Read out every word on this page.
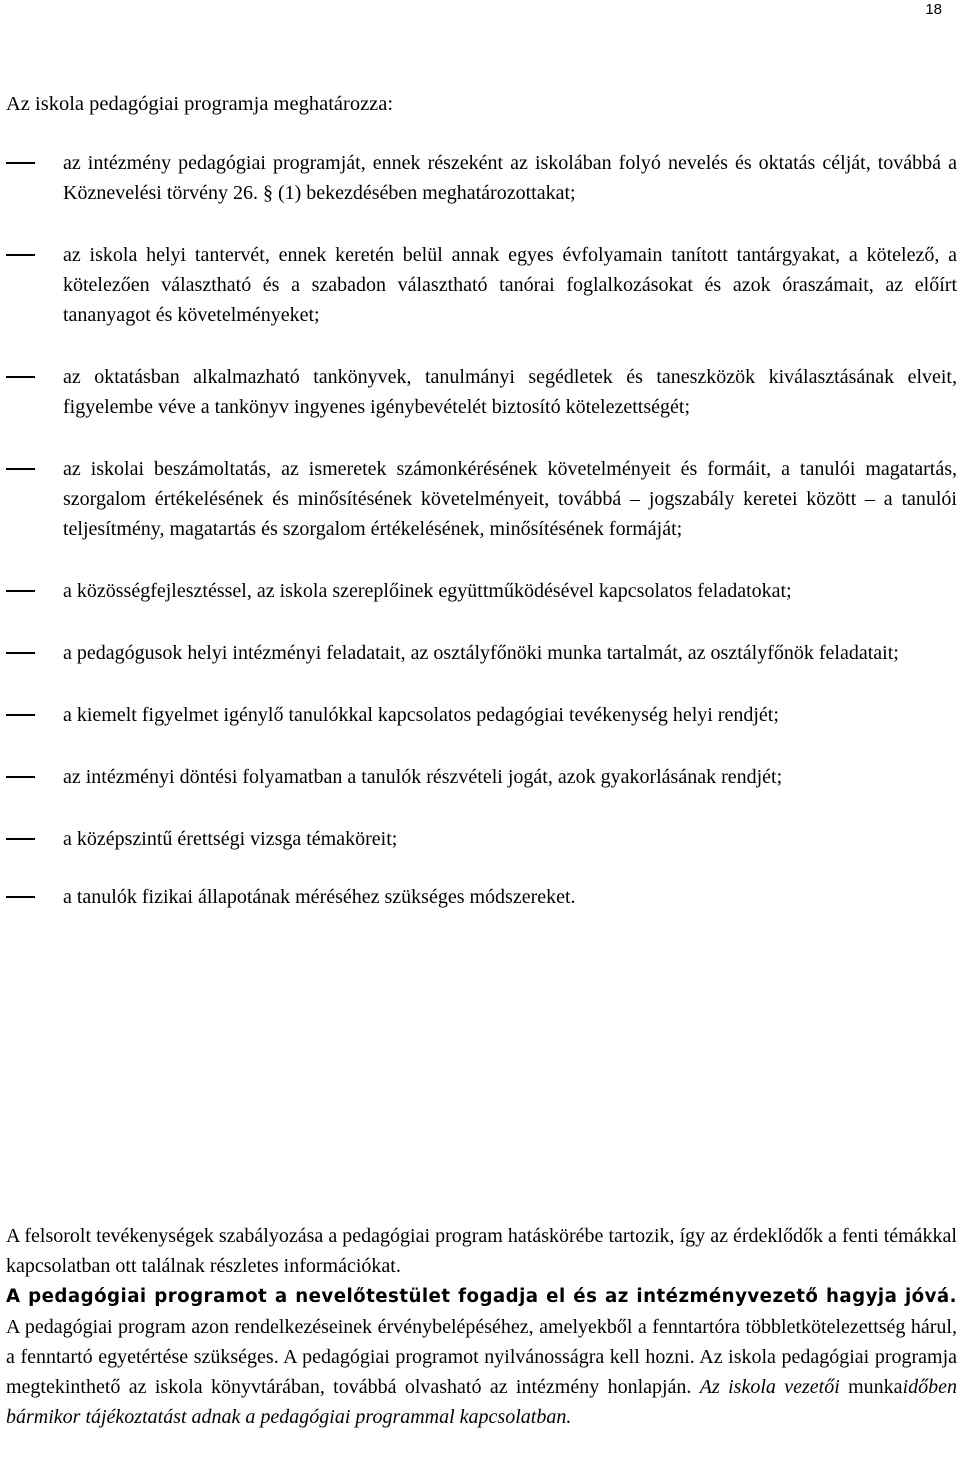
18
Az iskola pedagógiai programja meghatározza:
az intézmény pedagógiai programját, ennek részeként az iskolában folyó nevelés és oktatás célját, továbbá a Köznevelési törvény 26. § (1) bekezdésében meghatározottakat;
az iskola helyi tantervét, ennek keretén belül annak egyes évfolyamain tanított tantárgyakat, a kötelező, a kötelezően választható és a szabadon választható tanórai foglalkozásokat és azok óraszámait, az előírt tananyagot és követelményeket;
az oktatásban alkalmazható tankönyvek, tanulmányi segédletek és taneszközök kiválasztásának elveit, figyelembe véve a tankönyv ingyenes igénybevételét biztosító kötelezettségét;
az iskolai beszámoltatás, az ismeretek számonkérésének követelményeit és formáit, a tanulói magatartás, szorgalom értékelésének és minősítésének követelményeit, továbbá – jogszabály keretei között – a tanulói teljesítmény, magatartás és szorgalom értékelésének, minősítésének formáját;
a közösségfejlesztéssel, az iskola szereplőinek együttműködésével kapcsolatos feladatokat;
a pedagógusok helyi intézményi feladatait, az osztályfőnöki munka tartalmát, az osztályfőnök feladatait;
a kiemelt figyelmet igénylő tanulókkal kapcsolatos pedagógiai tevékenység helyi rendjét;
az intézményi döntési folyamatban a tanulók részvételi jogát, azok gyakorlásának rendjét;
a középszintű érettségi vizsga témaköreit;
a tanulók fizikai állapotának méréséhez szükséges módszereket.

A felsorolt tevékenységek szabályozása a pedagógiai program hatáskörébe tartozik, így az érdeklődők a fenti témákkal kapcsolatban ott találnak részletes információkat.
A pedagógiai programot a nevelőtestület fogadja el és az intézményvezető hagyja jóvá. A pedagógiai program azon rendelkezéseinek érvénybelépéséhez, amelyekből a fenntartóra többletkötelezettség hárul, a fenntartó egyetértése szükséges. A pedagógiai programot nyilvánosságra kell hozni. Az iskola pedagógiai programja megtekinthető az iskola könyvtárában, továbbá olvasható az intézmény honlapján. Az iskola vezetői munkaidőben bármikor tájékoztatást adnak a pedagógiai programmal kapcsolatban.
